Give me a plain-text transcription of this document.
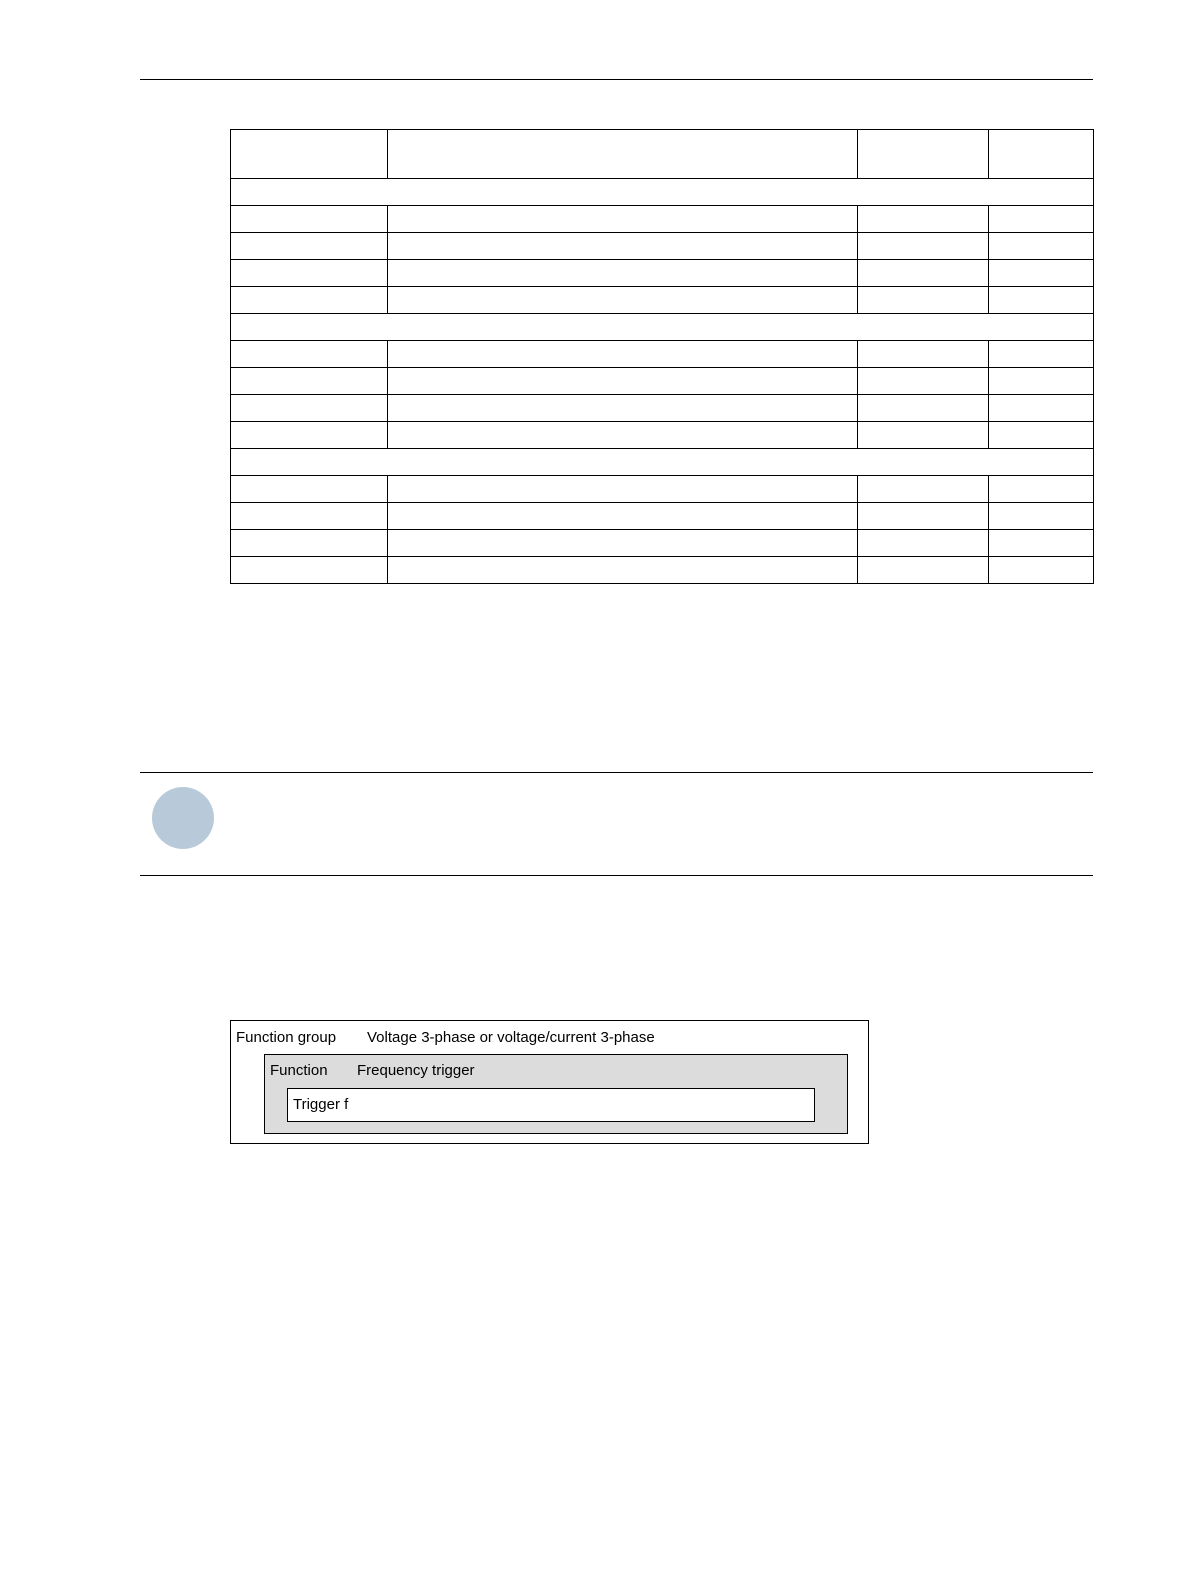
Function group Voltage 3-phase or voltage/current 3-phase
Function Frequency trigger
Trigger f
